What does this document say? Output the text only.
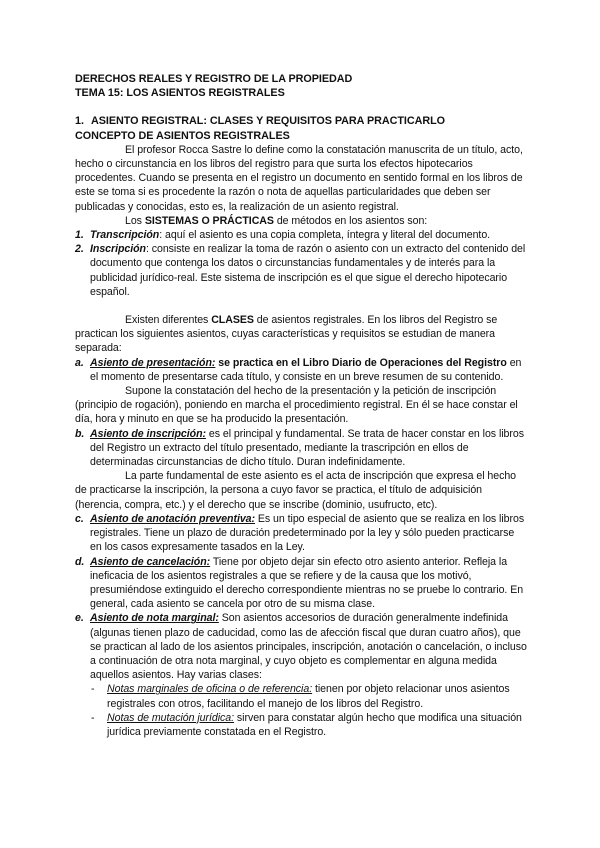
DERECHOS REALES Y REGISTRO DE LA PROPIEDAD

TEMA 15: LOS ASIENTOS REGISTRALES

1. ASIENTO REGISTRAL: CLASES Y REQUISITOS PARA PRACTICARLO

CONCEPTO DE ASIENTOS REGISTRALES

El profesor Rocca Sastre lo define como la constatación manuscrita de un título, acto, hecho o circunstancia en los libros del registro para que surta los efectos hipotecarios procedentes. Cuando se presenta en el registro un documento en sentido formal en los libros de este se toma si es procedente la razón o nota de aquellas particularidades que deben ser publicadas y conocidas, esto es, la realización de un asiento registral.

Los SISTEMAS O PRÁCTICAS de métodos en los asientos son:

1. Transcripción: aquí el asiento es una copia completa, íntegra y literal del documento.
2. Inscripción: consiste en realizar la toma de razón o asiento con un extracto del contenido del documento que contenga los datos o circunstancias fundamentales y de interés para la publicidad jurídico-real. Este sistema de inscripción es el que sigue el derecho hipotecario español.

Existen diferentes CLASES de asientos registrales. En los libros del Registro se practican los siguientes asientos, cuyas características y requisitos se estudian de manera separada:

a. Asiento de presentación: se practica en el Libro Diario de Operaciones del Registro en el momento de presentarse cada título, y consiste en un breve resumen de su contenido.

Supone la constatación del hecho de la presentación y la petición de inscripción (principio de rogación), poniendo en marcha el procedimiento registral. En él se hace constar el día, hora y minuto en que se ha producido la presentación.

b. Asiento de inscripción: es el principal y fundamental. Se trata de hacer constar en los libros del Registro un extracto del título presentado, mediante la trascripción en ellos de determinadas circunstancias de dicho título. Duran indefinidamente.

La parte fundamental de este asiento es el acta de inscripción que expresa el hecho de practicarse la inscripción, la persona a cuyo favor se practica, el título de adquisición (herencia, compra, etc.) y el derecho que se inscribe (dominio, usufructo, etc).

c. Asiento de anotación preventiva: Es un tipo especial de asiento que se realiza en los libros registrales. Tiene un plazo de duración predeterminado por la ley y sólo pueden practicarse en los casos expresamente tasados en la Ley.
d. Asiento de cancelación: Tiene por objeto dejar sin efecto otro asiento anterior. Refleja la ineficacia de los asientos registrales a que se refiere y de la causa que los motivó, presumiéndose extinguido el derecho correspondiente mientras no se pruebe lo contrario. En general, cada asiento se cancela por otro de su misma clase.
e. Asiento de nota marginal: Son asientos accesorios de duración generalmente indefinida (algunas tienen plazo de caducidad, como las de afección fiscal que duran cuatro años), que se practican al lado de los asientos principales, inscripción, anotación o cancelación, o incluso a continuación de otra nota marginal, y cuyo objeto es complementar en alguna medida aquellos asientos. Hay varias clases:
- Notas marginales de oficina o de referencia: tienen por objeto relacionar unos asientos registrales con otros, facilitando el manejo de los libros del Registro.
- Notas de mutación jurídica: sirven para constatar algún hecho que modifica una situación jurídica previamente constatada en el Registro.
